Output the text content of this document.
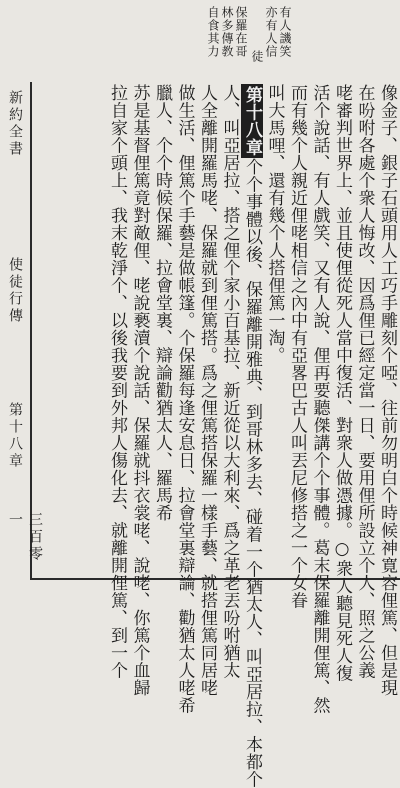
有人譏笑
亦有人信
保羅在哥
林多傳教
自食其力	徒
像金子、銀子石頭用人工巧手雕刻个啞、往前勿明白个時候神寛容俚篤、但是現
在吩咐各處个衆人悔改、因爲俚已經定當一日、要用俚所設立个人、照之公義
咾審判世界上、並且使俚從死人當中復活、對衆人做憑據。○衆人聽見死人復
活个說話、有人戲笑、又有人說、俚再要聽傑講个个事體。葛末保羅離開俚篤、然
而有幾个人親近俚咾相信之內中有亞畧巴古人叫丟尼修搭之一个女眷
叫大馬哩、還有幾个人搭俚篤一淘。
第十八章个个事體以後、保羅離開雅典、到哥林多去、碰着一个猶太人、叫亞居拉、本都个
人、叫亞居拉、搭之俚个家小百基拉、新近從以大利來、爲之革老丟吩咐猶太
人全離開羅馬咾、保羅就到俚篤搭。爲之俚篤搭保羅一樣手藝、就搭俚篤同居咾
做生活、俚篤个手藝是做帳篷。个保羅每逢安息日、拉會堂裏辯論、勸猶太人咾希
臘人、个个時候保羅、拉會堂裏、辯論勸猶太人、羅馬希
苏是基督俚篤竟對敵俚、咾說褻瀆个說話、保羅就抖衣裳咾、說咾、你篤个血歸
拉自家个頭上、我末乾淨个、以後我要到外邦人傷化去、就離開俚篤、到一个
新約全書
使徒行傳
第十八章
三百零一
